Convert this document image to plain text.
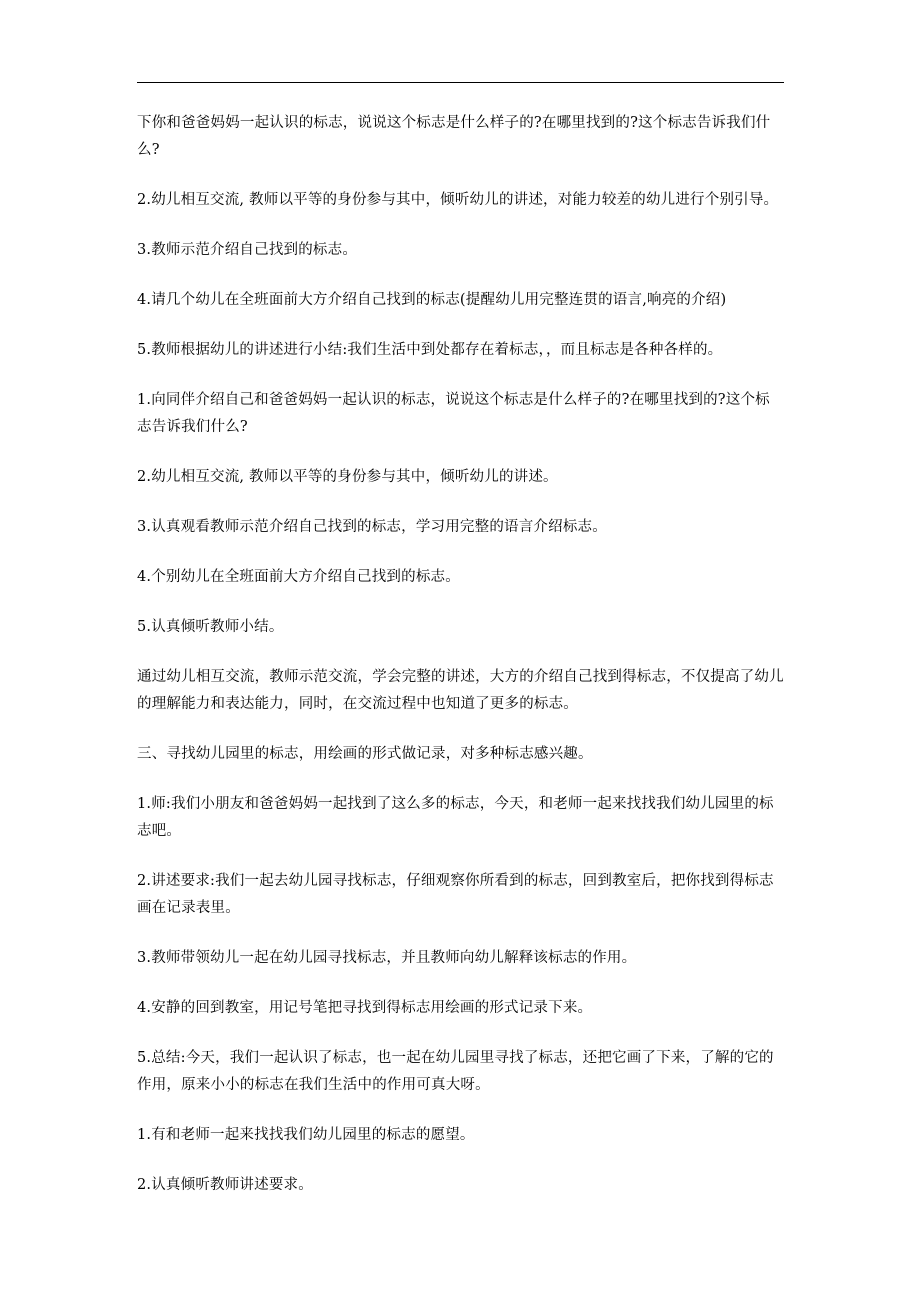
下你和爸爸妈妈一起认识的标志，说说这个标志是什么样子的?在哪里找到的?这个标志告诉我们什么?

2.幼儿相互交流, 教师以平等的身份参与其中，倾听幼儿的讲述，对能力较差的幼儿进行个别引导。

3.教师示范介绍自己找到的标志。

4.请几个幼儿在全班面前大方介绍自己找到的标志(提醒幼儿用完整连贯的语言,响亮的介绍)

5.教师根据幼儿的讲述进行小结:我们生活中到处都存在着标志，，而且标志是各种各样的。

1.向同伴介绍自己和爸爸妈妈一起认识的标志，说说这个标志是什么样子的?在哪里找到的?这个标志告诉我们什么?

2.幼儿相互交流, 教师以平等的身份参与其中，倾听幼儿的讲述。

3.认真观看教师示范介绍自己找到的标志，学习用完整的语言介绍标志。

4.个别幼儿在全班面前大方介绍自己找到的标志。

5.认真倾听教师小结。

通过幼儿相互交流，教师示范交流，学会完整的讲述，大方的介绍自己找到得标志，不仅提高了幼儿的理解能力和表达能力，同时，在交流过程中也知道了更多的标志。

三、寻找幼儿园里的标志，用绘画的形式做记录，对多种标志感兴趣。

1.师:我们小朋友和爸爸妈妈一起找到了这么多的标志，今天，和老师一起来找找我们幼儿园里的标志吧。

2.讲述要求:我们一起去幼儿园寻找标志，仔细观察你所看到的标志，回到教室后，把你找到得标志画在记录表里。

3.教师带领幼儿一起在幼儿园寻找标志，并且教师向幼儿解释该标志的作用。

4.安静的回到教室，用记号笔把寻找到得标志用绘画的形式记录下来。

5.总结:今天，我们一起认识了标志，也一起在幼儿园里寻找了标志，还把它画了下来，了解的它的作用，原来小小的标志在我们生活中的作用可真大呀。

1.有和老师一起来找找我们幼儿园里的标志的愿望。

2.认真倾听教师讲述要求。
